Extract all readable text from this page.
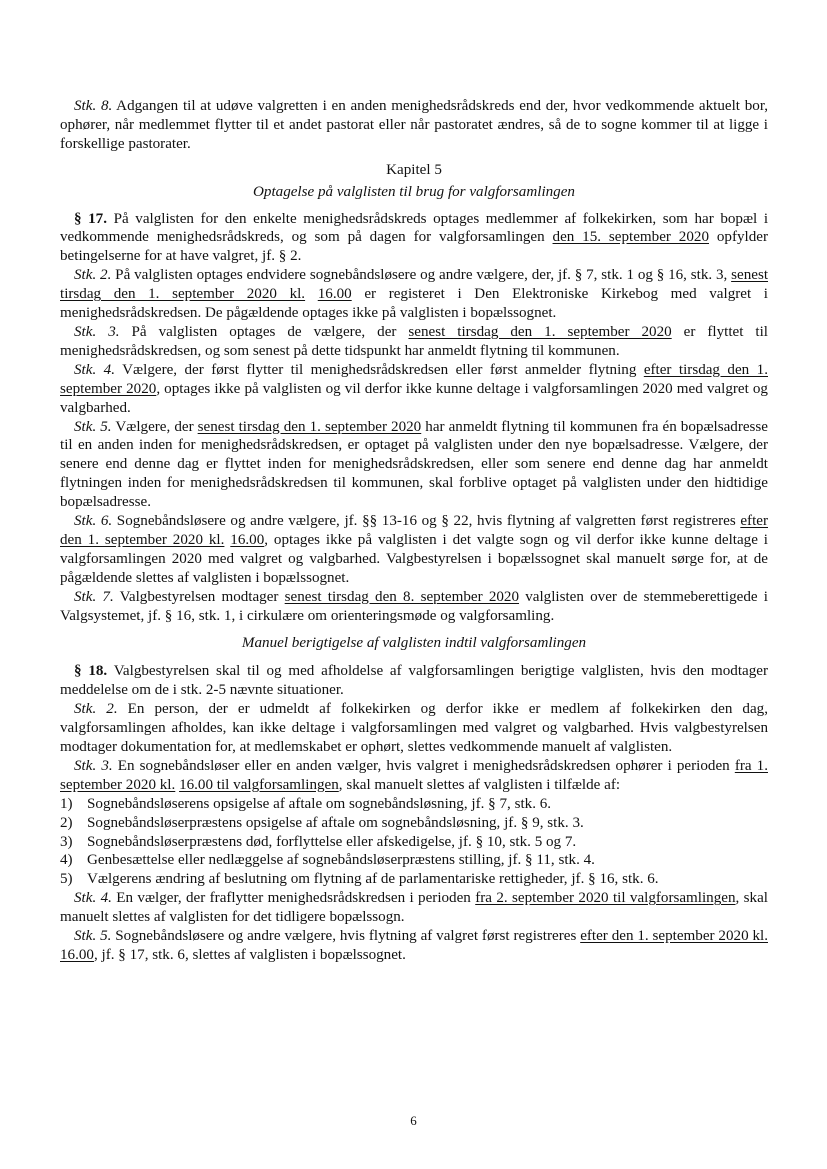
Stk. 8. Adgangen til at udøve valgretten i en anden menighedsrådskreds end der, hvor vedkommende aktuelt bor, ophører, når medlemmet flytter til et andet pastorat eller når pastoratet ændres, så de to sogne kommer til at ligge i forskellige pastorater.

Kapitel 5

Optagelse på valglisten til brug for valgforsamlingen

§ 17. På valglisten for den enkelte menighedsrådskreds optages medlemmer af folkekirken, som har bopæl i vedkommende menighedsrådskreds, og som på dagen for valgforsamlingen den 15. september 2020 opfylder betingelserne for at have valgret, jf. § 2.

Stk. 2. På valglisten optages endvidere sognebåndsløsere og andre vælgere, der, jf. § 7, stk. 1 og § 16, stk. 3, senest tirsdag den 1. september 2020 kl. 16.00 er registeret i Den Elektroniske Kirkebog med valgret i menighedsrådskredsen. De pågældende optages ikke på valglisten i bopælssognet.

Stk. 3. På valglisten optages de vælgere, der senest tirsdag den 1. september 2020 er flyttet til menighedsrådskredsen, og som senest på dette tidspunkt har anmeldt flytning til kommunen.

Stk. 4. Vælgere, der først flytter til menighedsrådskredsen eller først anmelder flytning efter tirsdag den 1. september 2020, optages ikke på valglisten og vil derfor ikke kunne deltage i valgforsamlingen 2020 med valgret og valgbarhed.

Stk. 5. Vælgere, der senest tirsdag den 1. september 2020 har anmeldt flytning til kommunen fra én bopælsadresse til en anden inden for menighedsrådskredsen, er optaget på valglisten under den nye bopælsadresse. Vælgere, der senere end denne dag er flyttet inden for menighedsrådskredsen, eller som senere end denne dag har anmeldt flytningen inden for menighedsrådskredsen til kommunen, skal forblive optaget på valglisten under den hidtidige bopælsadresse.

Stk. 6. Sognebåndsløsere og andre vælgere, jf. §§ 13-16 og § 22, hvis flytning af valgretten først registreres efter den 1. september 2020 kl. 16.00, optages ikke på valglisten i det valgte sogn og vil derfor ikke kunne deltage i valgforsamlingen 2020 med valgret og valgbarhed. Valgbestyrelsen i bopælssognet skal manuelt sørge for, at de pågældende slettes af valglisten i bopælssognet.

Stk. 7. Valgbestyrelsen modtager senest tirsdag den 8. september 2020 valglisten over de stemmeberettigede i Valgsystemet, jf. § 16, stk. 1, i cirkulære om orienteringsmøde og valgforsamling.

Manuel berigtigelse af valglisten indtil valgforsamlingen

§ 18. Valgbestyrelsen skal til og med afholdelse af valgforsamlingen berigtige valglisten, hvis den modtager meddelelse om de i stk. 2-5 nævnte situationer.

Stk. 2. En person, der er udmeldt af folkekirken og derfor ikke er medlem af folkekirken den dag, valgforsamlingen afholdes, kan ikke deltage i valgforsamlingen med valgret og valgbarhed. Hvis valgbestyrelsen modtager dokumentation for, at medlemskabet er ophørt, slettes vedkommende manuelt af valglisten.

Stk. 3. En sognebåndsløser eller en anden vælger, hvis valgret i menighedsrådskredsen ophører i perioden fra 1. september 2020 kl. 16.00 til valgforsamlingen, skal manuelt slettes af valglisten i tilfælde af:

1) Sognebåndsløserens opsigelse af aftale om sognebåndsløsning, jf. § 7, stk. 6.
2) Sognebåndsløserpræstens opsigelse af aftale om sognebåndsløsning, jf. § 9, stk. 3.
3) Sognebåndsløserpræstens død, forflyttelse eller afskedigelse, jf. § 10, stk. 5 og 7.
4) Genbesættelse eller nedlæggelse af sognebåndsløserpræstens stilling, jf. § 11, stk. 4.
5) Vælgerens ændring af beslutning om flytning af de parlamentariske rettigheder, jf. § 16, stk. 6.

Stk. 4. En vælger, der fraflytter menighedsrådskredsen i perioden fra 2. september 2020 til valgforsamlingen, skal manuelt slettes af valglisten for det tidligere bopælssogn.

Stk. 5. Sognebåndsløsere og andre vælgere, hvis flytning af valgret først registreres efter den 1. september 2020 kl. 16.00, jf. § 17, stk. 6, slettes af valglisten i bopælssognet.

6
